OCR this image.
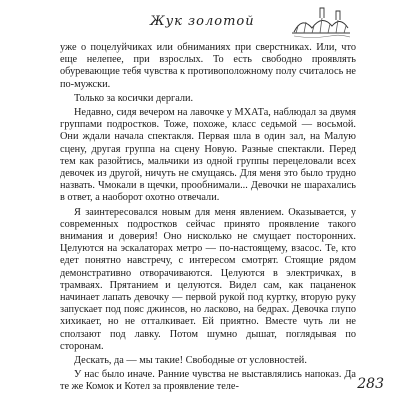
Жук золотой

уже о поцелуйчиках или обниманиях при сверстниках. Или, что еще нелепее, при взрослых. То есть свободно проявлять обуревающие тебя чувства к противоположному полу считалось не по-мужски.

Только за косички дергали.

Недавно, сидя вечером на лавочке у МХАТа, наблюдал за двумя группами подростков. Тоже, похоже, класс седьмой — восьмой. Они ждали начала спектакля. Первая шла в один зал, на Малую сцену, другая группа на сцену Новую. Разные спектакли. Перед тем как разойтись, мальчики из одной группы перецеловали всех девочек из другой, ничуть не смущаясь. Для меня это было трудно назвать. Чмокали в щечки, прообнимали... Девочки не шарахались в ответ, а наоборот охотно отвечали.

Я заинтересовался новым для меня явлением. Оказывается, у современных подростков сейчас принято проявление такого внимания и доверия! Оно нисколько не смущает посторонних. Целуются на эскалаторах метро — по-настоящему, взасос. Те, кто едет понятно навстречу, с интересом смотрят. Стоящие рядом демонстративно отворачиваются. Целуются в электричках, в трамваях. Прятанием и целуются. Видел сам, как пацаненок начинает лапать девочку — первой рукой под куртку, вторую руку запускает под пояс джинсов, но ласково, на бедрах. Девочка глупо хихикает, но не отталкивает. Ей приятно. Вместе чуть ли не сползают под лавку. Потом шумно дышат, поглядывая по сторонам.

Дескать, да — мы такие! Свободные от условностей.

У нас было иначе. Ранние чувства не выставлялись напоказ. Да те же Комок и Котел за проявление теле-	283
